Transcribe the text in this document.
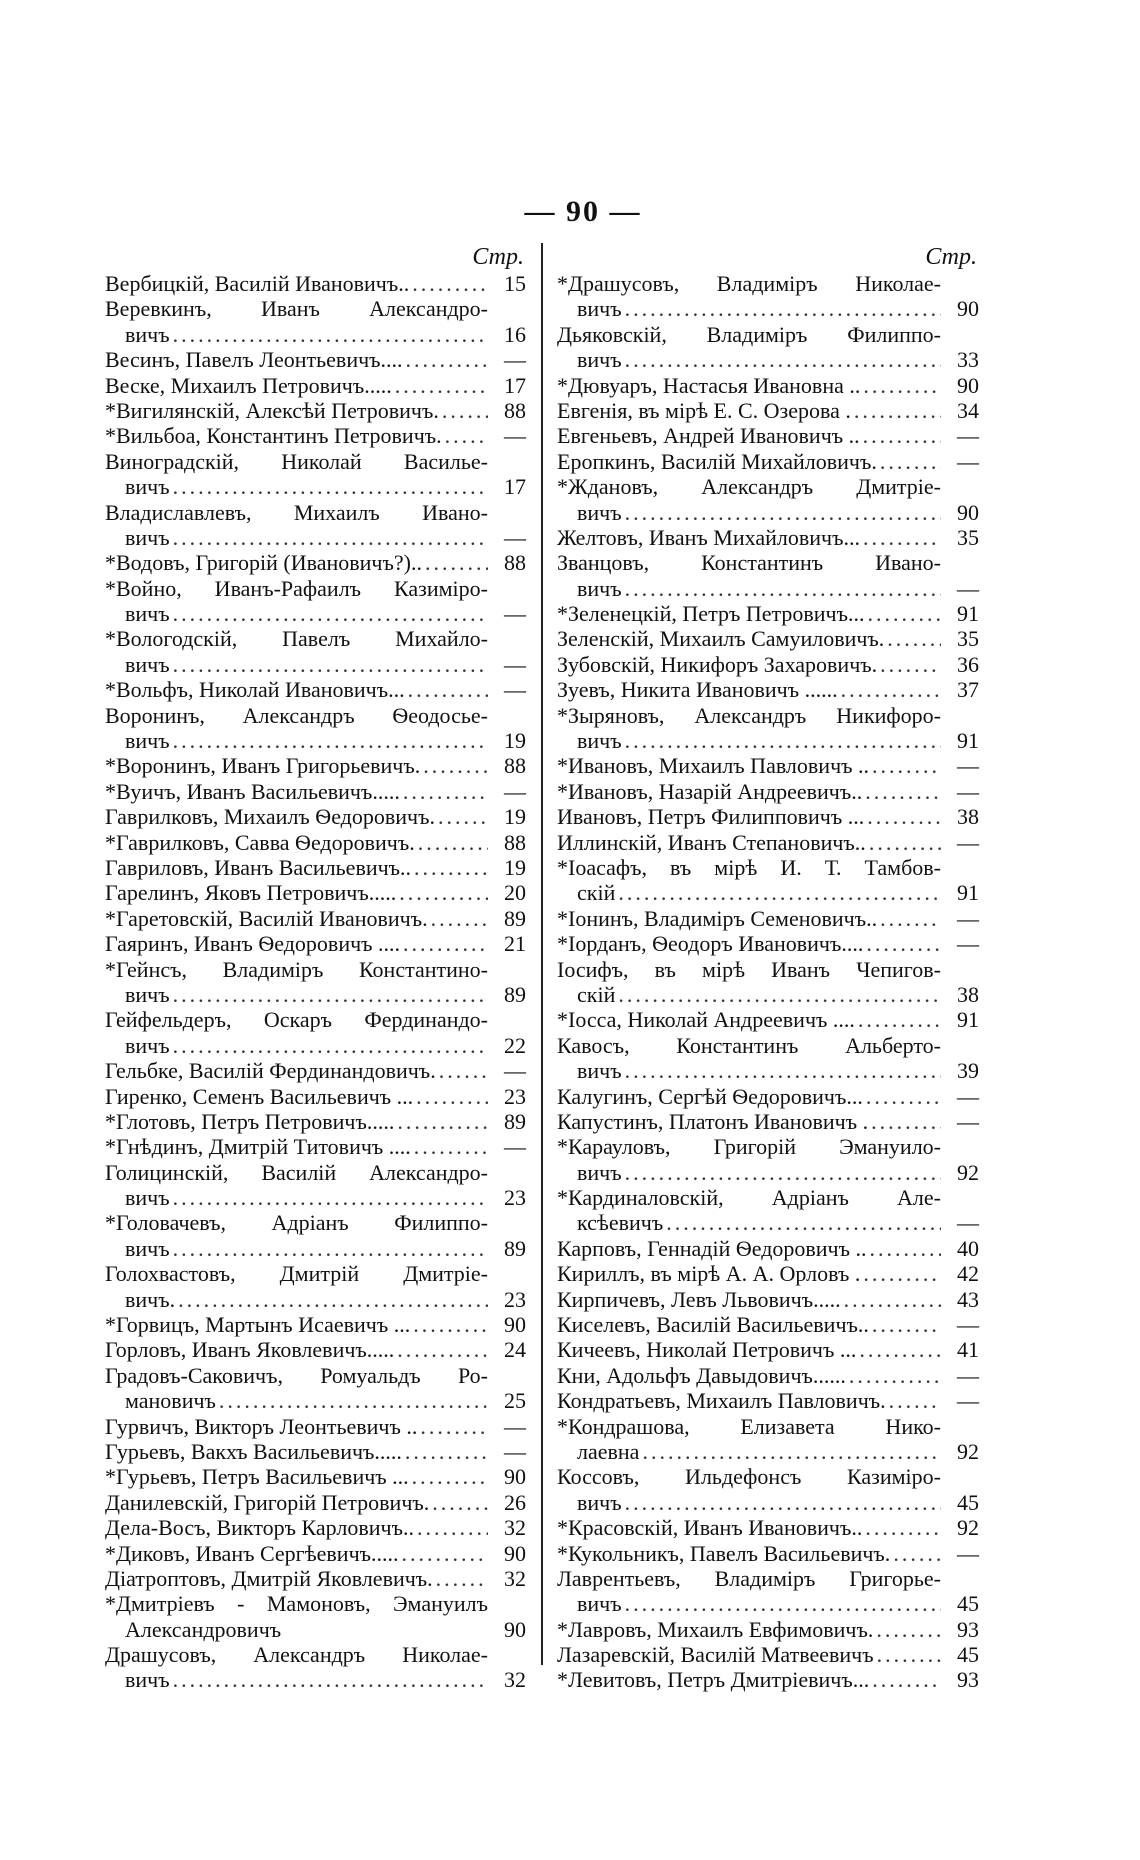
— 90 —
Стр.
Вербицкій, Василій Ивановичъ.. .....	15
Веревкинъ, Иванъ Александро-
вичъ .....	16
Весинъ, Павелъ Леонтьевичъ.... .....	—
Веске, Михаилъ Петровичъ..... .....	17
*Вигилянскій, Алексѣй Петровичъ. .....	88
*Вильбоа, Константинъ Петровичъ. .....	—
Виноградскій, Николай Василье-
вичъ .....	17
Владиславлевъ, Михаилъ Ивано-
вичъ .....	—
*Водовъ, Григорій (Ивановичъ?).. .....	88
*Войно, Иванъ-Рафаилъ Казиміро-
вичъ .....	—
*Вологодскій, Павелъ Михайло-
вичъ .....	—
*Вольфъ, Николай Ивановичъ... .....	—
Воронинъ, Александръ Ѳеодосье-
вичъ .....	19
*Воронинъ, Иванъ Григорьевичъ. .....	88
*Вуичъ, Иванъ Васильевичъ..... .....	—
Гаврилковъ, Михаилъ Ѳедоровичъ. .....	19
*Гаврилковъ, Савва Ѳедоровичъ. .....	88
Гавриловъ, Иванъ Васильевичъ.. .....	19
Гарелинъ, Яковъ Петровичъ..... .....	20
*Гаретовскій, Василій Ивановичъ. .....	89
Гаяринъ, Иванъ Ѳедоровичъ .... .....	21
*Гейнсъ, Владиміръ Константино-
вичъ .....	89
Гейфельдеръ, Оскаръ Фердинандо-
вичъ .....	22
Гельбке, Василій Фердинандовичъ. .....	—
Гиренко, Семенъ Васильевичъ ... .....	23
*Глотовъ, Петръ Петровичъ..... .....	89
*Гнѣдинъ, Дмитрій Титовичъ .... .....	—
Голицинскій, Василій Александро-
вичъ .....	23
*Головачевъ, Адріанъ Филиппо-
вичъ .....	89
Голохвастовъ, Дмитрій Дмитріе-
вичъ. .....	23
*Горвицъ, Мартынъ Исаевичъ ... .....	90
Горловъ, Иванъ Яковлевичъ..... .....	24
Градовъ-Саковичъ, Ромуальдъ Ро-
мановичъ .....	25
Гурвичъ, Викторъ Леонтьевичъ .. .....	—
Гурьевъ, Вакхъ Васильевичъ..... .....	—
*Гурьевъ, Петръ Васильевичъ ... .....	90
Данилевскій, Григорій Петровичъ. .....	26
Дела-Восъ, Викторъ Карловичъ.. .....	32
*Диковъ, Иванъ Сергѣевичъ..... .....	90
Діатроптовъ, Дмитрій Яковлевичъ. .....	32
*Дмитріевъ - Мамоновъ, Эмануилъ
Александровичъ	90
Драшусовъ, Александръ Николае-
вичъ .....	32
Стр.
*Драшусовъ, Владиміръ Николае-
вичъ .....	90
Дьяковскій, Владиміръ Филиппо-
вичъ .....	33
*Дювуаръ, Настасья Ивановна .. .....	90
Евгенія, въ мірѣ Е. С. Озерова . .....	34
Евгеньевъ, Андрей Ивановичъ .. .....	—
Еропкинъ, Василій Михайловичъ. .....	—
*Ждановъ, Александръ Дмитріе-
вичъ .....	90
Желтовъ, Иванъ Михайловичъ... .....	35
Званцовъ, Константинъ Ивано-
вичъ .....	—
*Зеленецкій, Петръ Петровичъ... .....	91
Зеленскій, Михаилъ Самуиловичъ. .....	35
Зубовскій, Никифоръ Захаровичъ. .....	36
Зуевъ, Никита Ивановичъ ...... .....	37
*Зыряновъ, Александръ Никифоро-
вичъ .....	91
*Ивановъ, Михаилъ Павловичъ .. .....	—
*Ивановъ, Назарій Андреевичъ.. .....	—
Ивановъ, Петръ Филипповичъ ... .....	38
Иллинскій, Иванъ Степановичъ.. .....	—
*Іоасафъ, въ мірѣ И. Т. Тамбов-
скій .....	91
*Іонинъ, Владиміръ Семеновичъ.. .....	—
*Іорданъ, Ѳеодоръ Ивановичъ.... .....	—
Іосифъ, въ мірѣ Иванъ Чепигов-
скій .....	38
*Іосса, Николай Андреевичъ .... .....	91
Кавосъ, Константинъ Альберто-
вичъ .....	39
Калугинъ, Сергѣй Ѳедоровичъ... .....	—
Капустинъ, Платонъ Ивановичъ . .....	—
*Карауловъ, Григорій Эмануило-
вичъ .....	92
*Кардиналовскій, Адріанъ Але-
ксѣевичъ .....	—
Карповъ, Геннадій Ѳедоровичъ .. .....	40
Кириллъ, въ мірѣ А. А. Орловъ . .....	42
Кирпичевъ, Левъ Львовичъ..... .....	43
Киселевъ, Василій Васильевичъ.. .....	—
Кичеевъ, Николай Петровичъ ... .....	41
Кни, Адольфъ Давыдовичъ...... .....	—
Кондратьевъ, Михаилъ Павловичъ. .....	—
*Кондрашова, Елизавета Нико-
лаевна .....	92
Коссовъ, Ильдефонсъ Казиміро-
вичъ .....	45
*Красовскій, Иванъ Ивановичъ.. .....	92
*Кукольникъ, Павелъ Васильевичъ. .....	—
Лаврентьевъ, Владиміръ Григорье-
вичъ .....	45
*Лавровъ, Михаилъ Евфимовичъ. .....	93
Лазаревскій, Василій Матвеевичъ .....	45
*Левитовъ, Петръ Дмитріевичъ... .....	93
